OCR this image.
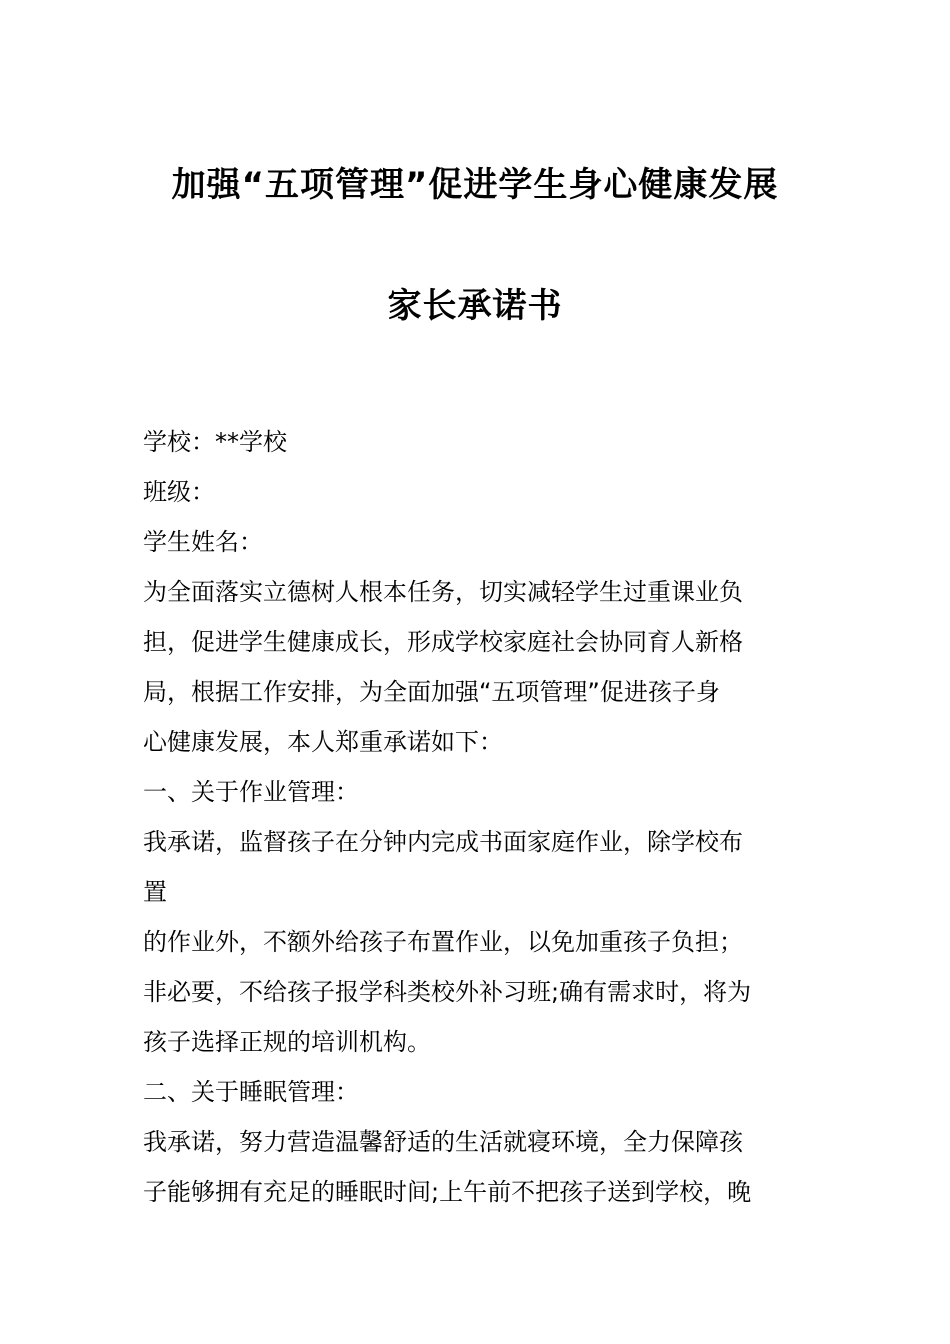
加强“五项管理”促进学生身心健康发展
家长承诺书
学校：**学校
班级：
学生姓名：
为全面落实立德树人根本任务，切实减轻学生过重课业负
担，促进学生健康成长，形成学校家庭社会协同育人新格
局，根据工作安排，为全面加强“五项管理”促进孩子身
心健康发展，本人郑重承诺如下：
一、关于作业管理：
我承诺，监督孩子在分钟内完成书面家庭作业，除学校布
置
的作业外，不额外给孩子布置作业，以免加重孩子负担；
非必要，不给孩子报学科类校外补习班;确有需求时，将为
孩子选择正规的培训机构。
二、关于睡眠管理：
我承诺，努力营造温馨舒适的生活就寝环境，全力保障孩
子能够拥有充足的睡眠时间;上午前不把孩子送到学校，晚
